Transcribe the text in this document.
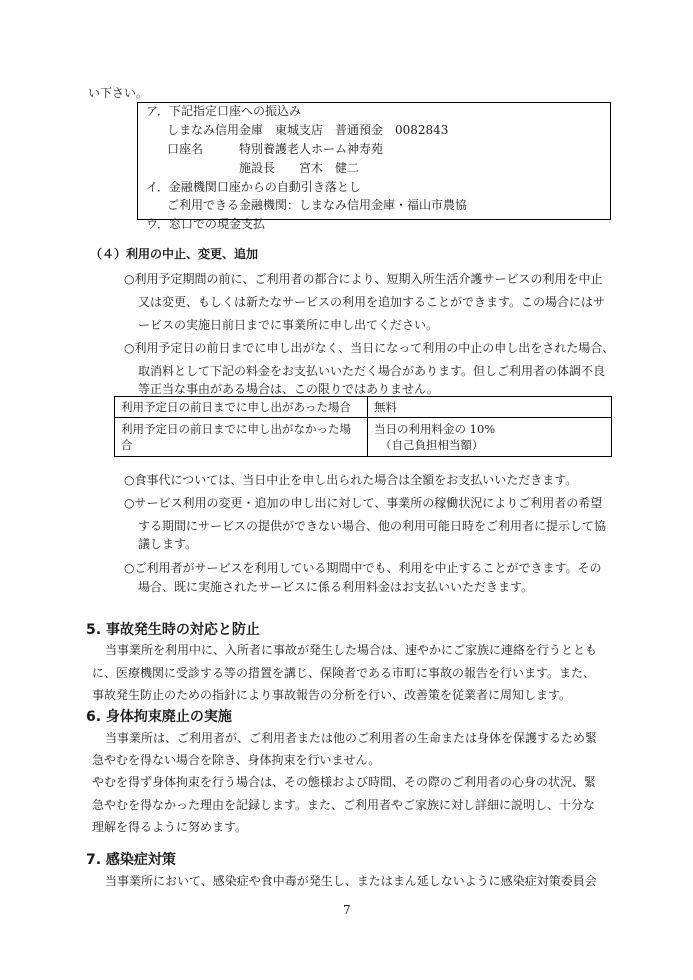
い下さい。
ア．下記指定口座への振込み
しまなみ信用金庫　東城支店　普通預金　0082843
口座名　　　特別養護老人ホーム神寿苑
施設長　　宮木　健二
イ．金融機関口座からの自動引き落とし
ご利用できる金融機関：しまなみ信用金庫・福山市農協
ウ．窓口での現金支払
（４）利用の中止、変更、追加
○利用予定期間の前に、ご利用者の都合により、短期入所生活介護サービスの利用を中止
又は変更、もしくは新たなサービスの利用を追加することができます。この場合にはサ
ービスの実施日前日までに事業所に申し出てください。
○利用予定日の前日までに申し出がなく、当日になって利用の中止の申し出をされた場合、
取消料として下記の料金をお支払いいただく場合があります。但しご利用者の体調不良
等正当な事由がある場合は、この限りではありません。
利用予定日の前日までに申し出があった場合	無料
利用予定日の前日までに申し出がなかった場合	当日の利用料金の 10%
（自己負担相当額）
○食事代については、当日中止を申し出られた場合は全額をお支払いいただきます。
○サービス利用の変更・追加の申し出に対して、事業所の稼働状況によりご利用者の希望
する期間にサービスの提供ができない場合、他の利用可能日時をご利用者に提示して協
議します。
○ご利用者がサービスを利用している期間中でも、利用を中止することができます。その
場合、既に実施されたサービスに係る利用料金はお支払いいただきます。
5. 事故発生時の対応と防止
当事業所を利用中に、入所者に事故が発生した場合は、速やかにご家族に連絡を行うととも
に、医療機関に受診する等の措置を講じ、保険者である市町に事故の報告を行います。また、
事故発生防止のための指針により事故報告の分析を行い、改善策を従業者に周知します。
6. 身体拘束廃止の実施
当事業所は、ご利用者が、ご利用者または他のご利用者の生命または身体を保護するため緊
急やむを得ない場合を除き、身体拘束を行いません。
やむを得ず身体拘束を行う場合は、その態様および時間、その際のご利用者の心身の状況、緊
急やむを得なかった理由を記録します。また、ご利用者やご家族に対し詳細に説明し、十分な
理解を得るように努めます。
7. 感染症対策
当事業所において、感染症や食中毒が発生し、またはまん延しないように感染症対策委員会
7
